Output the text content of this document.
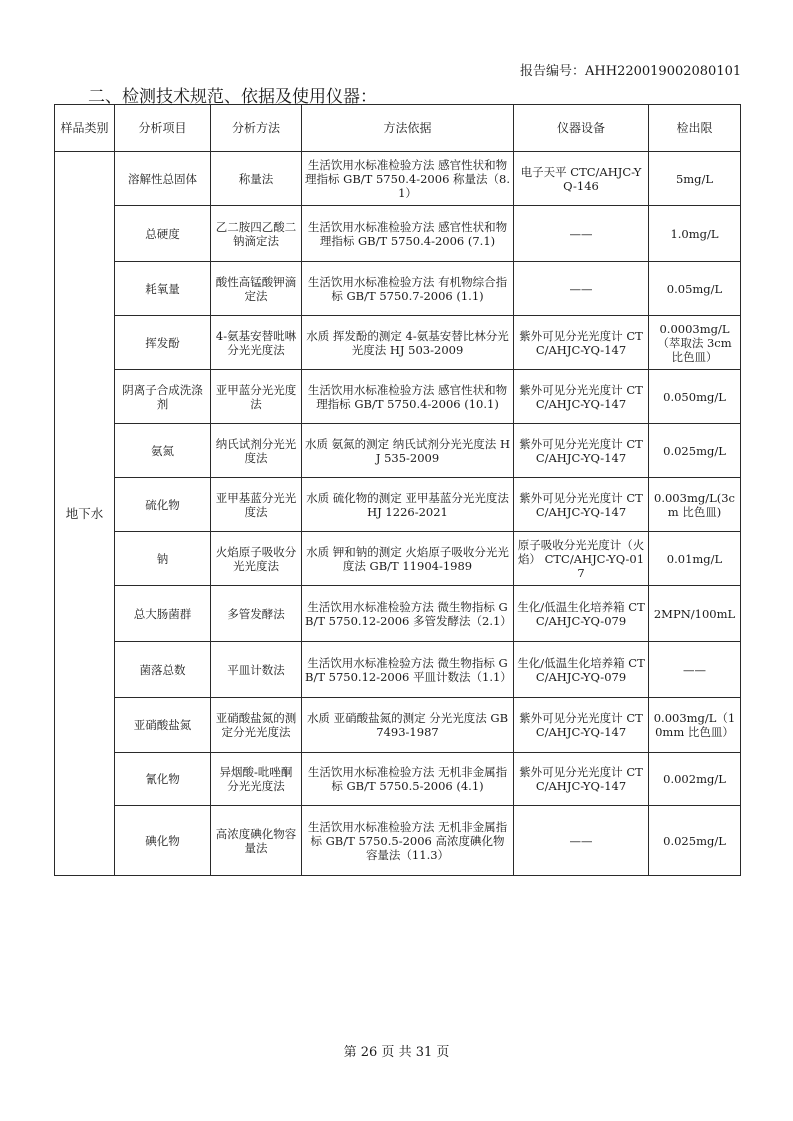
报告编号：AHH220019002080101
二、检测技术规范、依据及使用仪器：
样品类别	分析项目	分析方法	方法依据	仪器设备	检出限
地下水	溶解性总固体	称量法	生活饮用水标准检验方法 感官性状和物理指标 GB/T 5750.4-2006 称量法（8.1）	电子天平 CTC/AHJC-YQ-146	5mg/L
	总硬度	乙二胺四乙酸二钠滴定法	生活饮用水标准检验方法 感官性状和物理指标 GB/T 5750.4-2006 (7.1)	——	1.0mg/L
	耗氧量	酸性高锰酸钾滴定法	生活饮用水标准检验方法 有机物综合指标 GB/T 5750.7-2006 (1.1)	——	0.05mg/L
	挥发酚	4-氨基安替吡啉分光光度法	水质 挥发酚的测定 4-氨基安替比林分光光度法 HJ 503-2009	紫外可见分光光度计 CTC/AHJC-YQ-147	0.0003mg/L（萃取法 3cm 比色皿）
	阴离子合成洗涤剂	亚甲蓝分光光度法	生活饮用水标准检验方法 感官性状和物理指标 GB/T 5750.4-2006 (10.1)	紫外可见分光光度计 CTC/AHJC-YQ-147	0.050mg/L
	氨氮	纳氏试剂分光光度法	水质 氨氮的测定 纳氏试剂分光光度法 HJ 535-2009	紫外可见分光光度计 CTC/AHJC-YQ-147	0.025mg/L
	硫化物	亚甲基蓝分光光度法	水质 硫化物的测定 亚甲基蓝分光光度法 HJ 1226-2021	紫外可见分光光度计 CTC/AHJC-YQ-147	0.003mg/L(3cm 比色皿)
	钠	火焰原子吸收分光光度法	水质 钾和钠的测定 火焰原子吸收分光光度法 GB/T 11904-1989	原子吸收分光光度计（火焰） CTC/AHJC-YQ-017	0.01mg/L
	总大肠菌群	多管发酵法	生活饮用水标准检验方法 微生物指标 GB/T 5750.12-2006 多管发酵法（2.1）	生化/低温生化培养箱 CTC/AHJC-YQ-079	2MPN/100mL
	菌落总数	平皿计数法	生活饮用水标准检验方法 微生物指标 GB/T 5750.12-2006 平皿计数法（1.1）	生化/低温生化培养箱 CTC/AHJC-YQ-079	——
	亚硝酸盐氮	亚硝酸盐氮的测定分光光度法	水质 亚硝酸盐氮的测定 分光光度法 GB 7493-1987	紫外可见分光光度计 CTC/AHJC-YQ-147	0.003mg/L（10mm 比色皿）
	氰化物	异烟酸-吡唑酮分光光度法	生活饮用水标准检验方法 无机非金属指标 GB/T 5750.5-2006 (4.1)	紫外可见分光光度计 CTC/AHJC-YQ-147	0.002mg/L
	碘化物	高浓度碘化物容量法	生活饮用水标准检验方法 无机非金属指标 GB/T 5750.5-2006 高浓度碘化物容量法（11.3）	——	0.025mg/L
第 26 页 共 31 页
